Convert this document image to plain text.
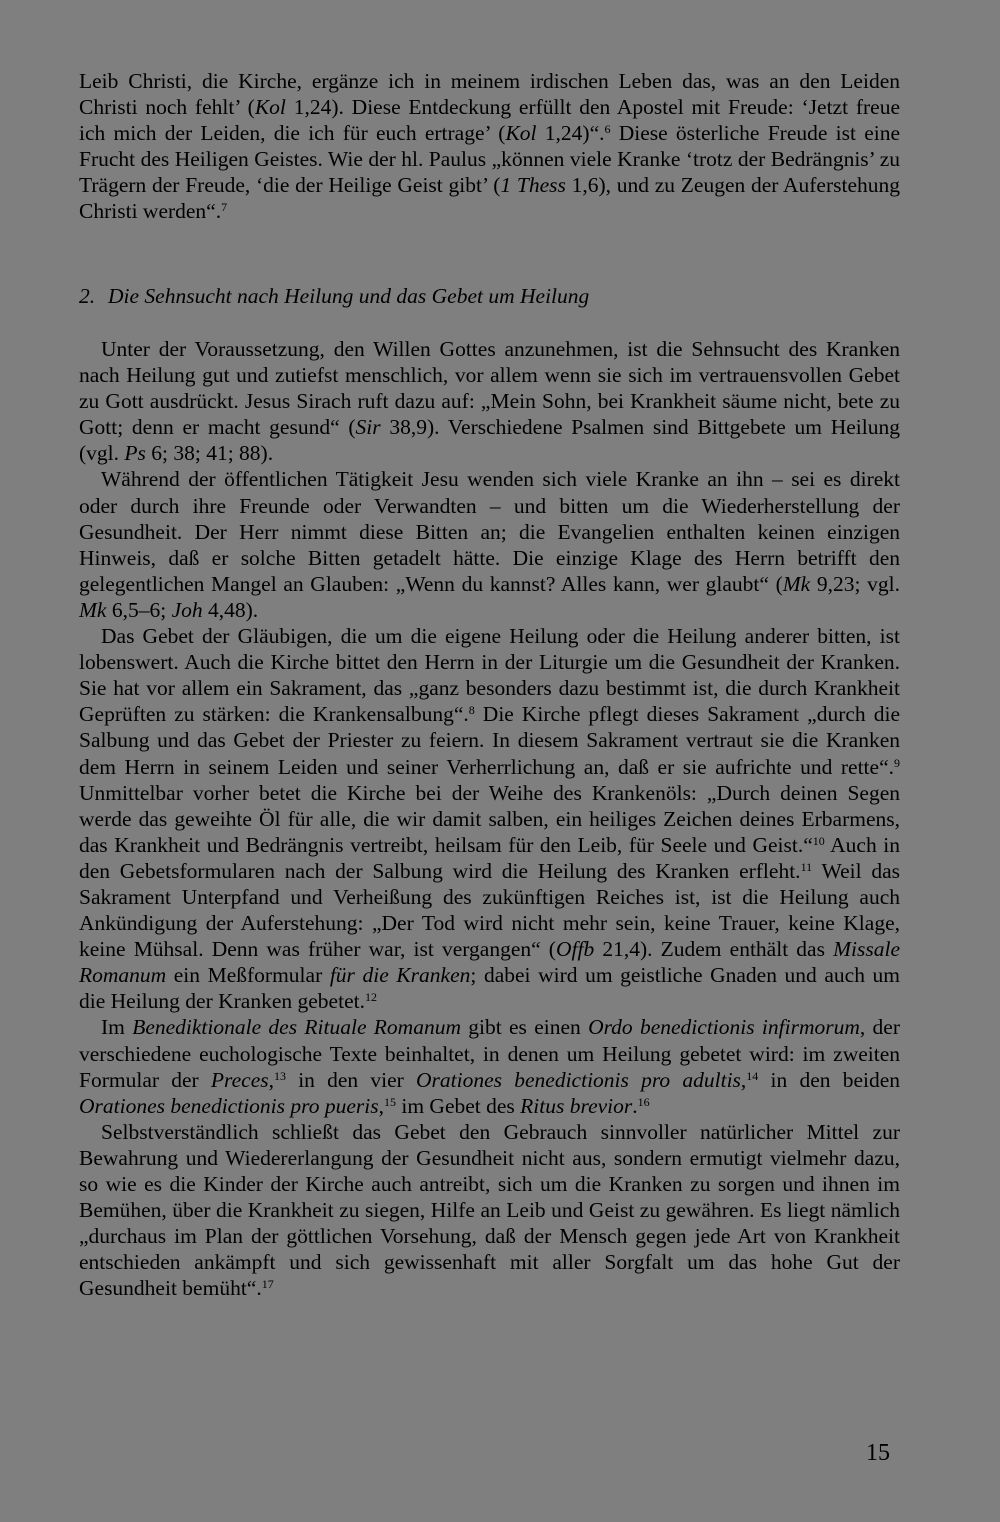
Leib Christi, die Kirche, ergänze ich in meinem irdischen Leben das, was an den Leiden Christi noch fehlt’ (Kol 1,24). Diese Entdeckung erfüllt den Apostel mit Freude: ‘Jetzt freue ich mich der Leiden, die ich für euch ertrage’ (Kol 1,24)“.$^6$ Diese österliche Freude ist eine Frucht des Heiligen Geistes. Wie der hl. Paulus „können viele Kranke ‘trotz der Bedrängnis’ zu Trägern der Freude, ‘die der Heilige Geist gibt’ (1 Thess 1,6), und zu Zeugen der Auferstehung Christi werden“.$^7$

2. Die Sehnsucht nach Heilung und das Gebet um Heilung

Unter der Voraussetzung, den Willen Gottes anzunehmen, ist die Sehnsucht des Kranken nach Heilung gut und zutiefst menschlich, vor allem wenn sie sich im vertrauensvollen Gebet zu Gott ausdrückt. Jesus Sirach ruft dazu auf: „Mein Sohn, bei Krankheit säume nicht, bete zu Gott; denn er macht gesund“ (Sir 38,9). Verschiedene Psalmen sind Bittgebete um Heilung (vgl. Ps 6; 38; 41; 88).

Während der öffentlichen Tätigkeit Jesu wenden sich viele Kranke an ihn – sei es direkt oder durch ihre Freunde oder Verwandten – und bitten um die Wiederherstellung der Gesundheit. Der Herr nimmt diese Bitten an; die Evangelien enthalten keinen einzigen Hinweis, daß er solche Bitten getadelt hätte. Die einzige Klage des Herrn betrifft den gelegentlichen Mangel an Glauben: „Wenn du kannst? Alles kann, wer glaubt“ (Mk 9,23; vgl. Mk 6,5–6; Joh 4,48).

Das Gebet der Gläubigen, die um die eigene Heilung oder die Heilung anderer bitten, ist lobenswert. Auch die Kirche bittet den Herrn in der Liturgie um die Gesundheit der Kranken. Sie hat vor allem ein Sakrament, das „ganz besonders dazu bestimmt ist, die durch Krankheit Geprüften zu stärken: die Krankensalbung“.$^8$ Die Kirche pflegt dieses Sakrament „durch die Salbung und das Gebet der Priester zu feiern. In diesem Sakrament vertraut sie die Kranken dem Herrn in seinem Leiden und seiner Verherrlichung an, daß er sie aufrichte und rette“.$^9$ Unmittelbar vorher betet die Kirche bei der Weihe des Krankenöls: „Durch deinen Segen werde das geweihte Öl für alle, die wir damit salben, ein heiliges Zeichen deines Erbarmens, das Krankheit und Bedrängnis vertreibt, heilsam für den Leib, für Seele und Geist.“$^{10}$ Auch in den Gebetsformularen nach der Salbung wird die Heilung des Kranken erfleht.$^{11}$ Weil das Sakrament Unterpfand und Verheißung des zukünftigen Reiches ist, ist die Heilung auch Ankündigung der Auferstehung: „Der Tod wird nicht mehr sein, keine Trauer, keine Klage, keine Mühsal. Denn was früher war, ist vergangen“ (Offb 21,4). Zudem enthält das Missale Romanum ein Meßformular für die Kranken; dabei wird um geistliche Gnaden und auch um die Heilung der Kranken gebetet.$^{12}$

Im Benediktionale des Rituale Romanum gibt es einen Ordo benedictionis infirmorum, der verschiedene euchologische Texte beinhaltet, in denen um Heilung gebetet wird: im zweiten Formular der Preces,$^{13}$ in den vier Orationes benedictionis pro adultis,$^{14}$ in den beiden Orationes benedictionis pro pueris,$^{15}$ im Gebet des Ritus brevior.$^{16}$

Selbstverständlich schließt das Gebet den Gebrauch sinnvoller natürlicher Mittel zur Bewahrung und Wiedererlangung der Gesundheit nicht aus, sondern ermutigt vielmehr dazu, so wie es die Kinder der Kirche auch antreibt, sich um die Kranken zu sorgen und ihnen im Bemühen, über die Krankheit zu siegen, Hilfe an Leib und Geist zu gewähren. Es liegt nämlich „durchaus im Plan der göttlichen Vorsehung, daß der Mensch gegen jede Art von Krankheit entschieden ankämpft und sich gewissenhaft mit aller Sorgfalt um das hohe Gut der Gesundheit bemüht“.$^{17}$

15
